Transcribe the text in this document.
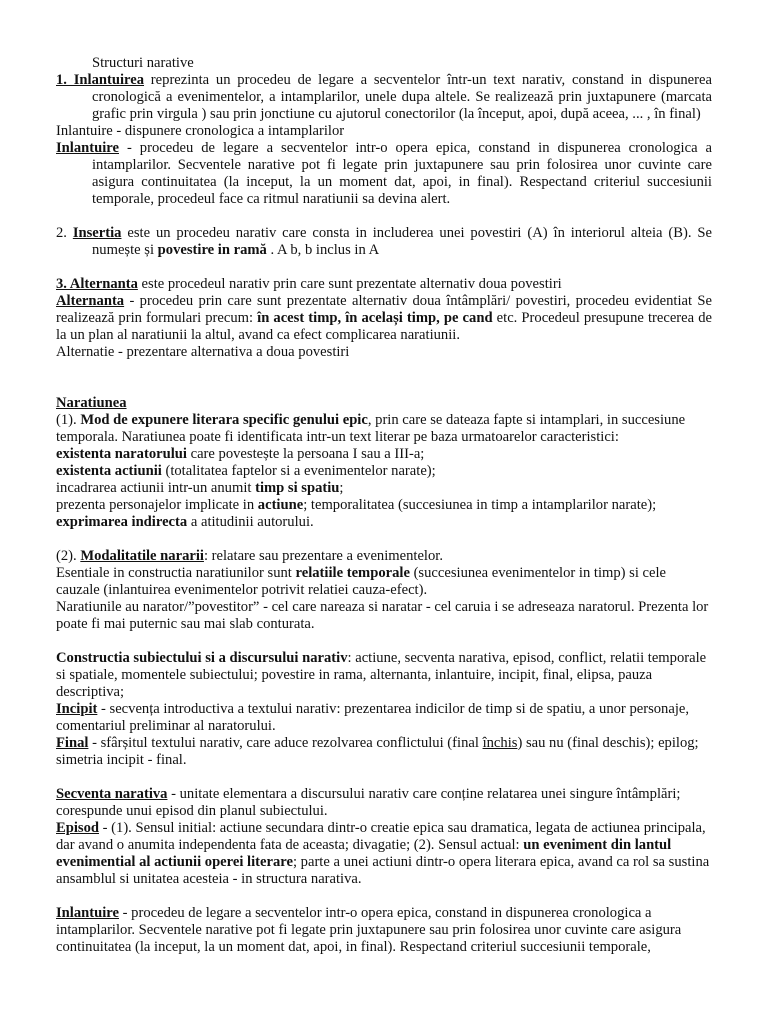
Structuri narative

1. Inlantuirea reprezinta un procedeu de legare a secventelor într-un text narativ, constand in dispunerea cronologică a evenimentelor, a intamplarilor, unele dupa altele. Se realizează prin juxtapunere (marcata grafic prin virgula ) sau prin jonctiune cu ajutorul conectorilor (la început, apoi, după aceea, ... , în final)

Inlantuire - dispunere cronologica a intamplarilor

Inlantuire - procedeu de legare a secventelor intr-o opera epica, constand in dispunerea cronologica a intamplarilor. Secventele narative pot fi legate prin juxtapunere sau prin folosirea unor cuvinte care asigura continuitatea (la inceput, la un moment dat, apoi, in final). Respectand criteriul succesiunii temporale, procedeul face ca ritmul naratiunii sa devina alert.

2. Insertia este un procedeu narativ care consta in includerea unei povestiri (A) în interiorul alteia (B). Se numește și povestire in ramă . A b, b inclus in A

3. Alternanta este procedeul narativ prin care sunt prezentate alternativ doua povestiri

Alternanta - procedeu prin care sunt prezentate alternativ doua întâmplări/ povestiri, procedeu evidentiat Se realizează prin formulari precum: în acest timp, în același timp, pe cand etc. Procedeul presupune trecerea de la un plan al naratiunii la altul, avand ca efect complicarea naratiunii.

Alternatie - prezentare alternativa a doua povestiri

Naratiunea

(1). Mod de expunere literara specific genului epic, prin care se dateaza fapte si intamplari, in succesiune temporala. Naratiunea poate fi identificata intr-un text literar pe baza urmatoarelor caracteristici:

existenta naratorului care povestește la persoana I sau a III-a;

existenta actiunii (totalitatea faptelor si a evenimentelor narate);

incadrarea actiunii intr-un anumit timp si spatiu;

prezenta personajelor implicate in actiune; temporalitatea (succesiunea in timp a intamplarilor narate);

exprimarea indirecta a atitudinii autorului.

(2). Modalitatile nararii: relatare sau prezentare a evenimentelor.

Esentiale in constructia naratiunilor sunt relatiile temporale (succesiunea evenimentelor in timp) si cele cauzale (inlantuirea evenimentelor potrivit relatiei cauza-efect).

Naratiunile au narator/”povestitor” - cel care nareaza si naratar - cel caruia i se adreseaza naratorul. Prezenta lor poate fi mai puternic sau mai slab conturata.

Constructia subiectului si a discursului narativ: actiune, secventa narativa, episod, conflict, relatii temporale si spatiale, momentele subiectului; povestire in rama, alternanta, inlantuire, incipit, final, elipsa, pauza descriptiva;

Incipit - secvența introductiva a textului narativ: prezentarea indicilor de timp si de spatiu, a unor personaje, comentariul preliminar al naratorului.

Final - sfârșitul textului narativ, care aduce rezolvarea conflictului (final închis) sau nu (final deschis); epilog; simetria incipit - final.

Secventa narativa - unitate elementara a discursului narativ care conține relatarea unei singure întâmplări; corespunde unui episod din planul subiectului.

Episod - (1). Sensul initial: actiune secundara dintr-o creatie epica sau dramatica, legata de actiunea principala, dar avand o anumita independenta fata de aceasta; divagatie; (2). Sensul actual: un eveniment din lantul evenimential al actiunii operei literare; parte a unei actiuni dintr-o opera literara epica, avand ca rol sa sustina ansamblul si unitatea acesteia - in structura narativa.

Inlantuire - procedeu de legare a secventelor intr-o opera epica, constand in dispunerea cronologica a intamplarilor. Secventele narative pot fi legate prin juxtapunere sau prin folosirea unor cuvinte care asigura continuitatea (la inceput, la un moment dat, apoi, in final). Respectand criteriul succesiunii temporale,
